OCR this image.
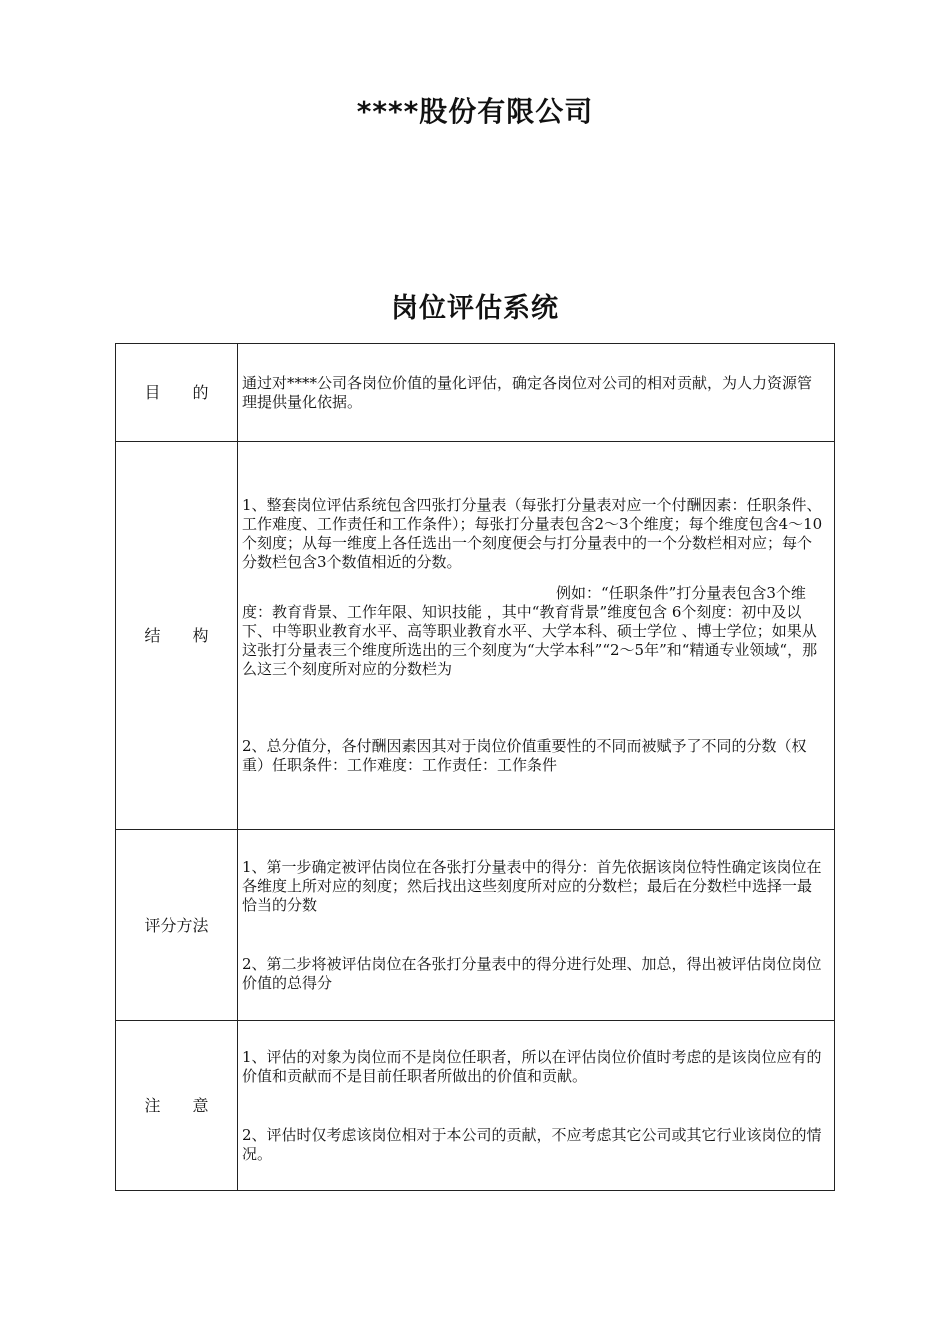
****股份有限公司
岗位评估系统
目　　的	通过对****公司各岗位价值的量化评估，确定各岗位对公司的相对贡献，为人力资源管理提供量化依据。

结　　构	1、整套岗位评估系统包含四张打分量表（每张打分量表对应一个付酬因素：任职条件、工作难度、工作责任和工作条件）；每张打分量表包含2～3个维度；每个维度包含4～10个刻度；从每一维度上各任选出一个刻度便会与打分量表中的一个分数栏相对应；每个分数栏包含3个数值相近的分数。

例如：“任职条件”打分量表包含3个维度：教育背景、工作年限、知识技能 ，其中“教育背景”维度包含 6个刻度：初中及以下、中等职业教育水平、高等职业教育水平、大学本科、硕士学位 、博士学位；如果从这张打分量表三个维度所选出的三个刻度为“大学本科”“2～5年”和“精通专业领域“，那么这三个刻度所对应的分数栏为

2、总分值分，各付酬因素因其对于岗位价值重要性的不同而被赋予了不同的分数（权重）任职条件：工作难度：工作责任：工作条件

评分方法	1、第一步确定被评估岗位在各张打分量表中的得分：首先依据该岗位特性确定该岗位在各维度上所对应的刻度；然后找出这些刻度所对应的分数栏；最后在分数栏中选择一最恰当的分数

2、第二步将被评估岗位在各张打分量表中的得分进行处理、加总，得出被评估岗位岗位价值的总得分

注　　意	1、评估的对象为岗位而不是岗位任职者，所以在评估岗位价值时考虑的是该岗位应有的价值和贡献而不是目前任职者所做出的价值和贡献。

2、评估时仅考虑该岗位相对于本公司的贡献，不应考虑其它公司或其它行业该岗位的情况。
